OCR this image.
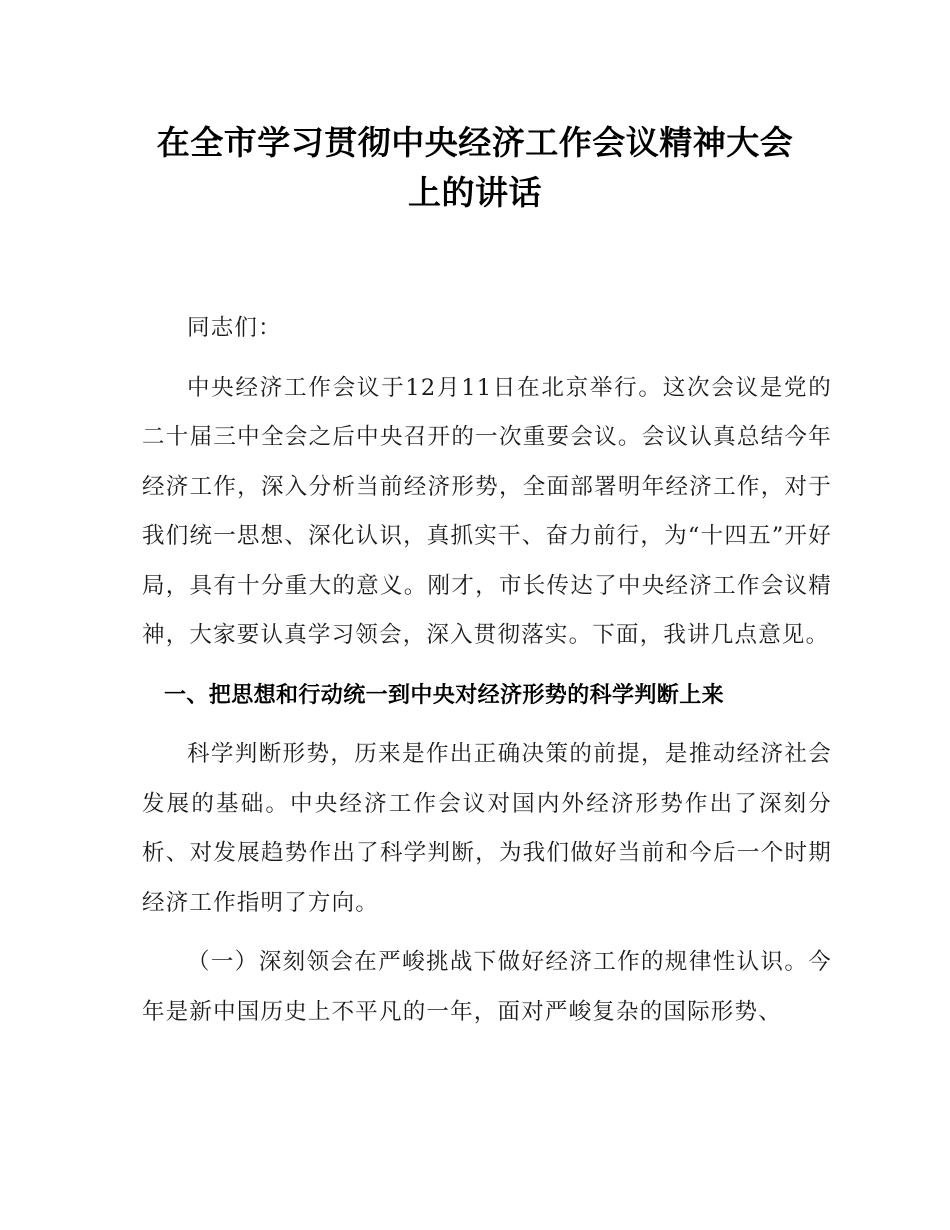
在全市学习贯彻中央经济工作会议精神大会
上的讲话

同志们：

中央经济工作会议于12月11日在北京举行。这次会议是党的二十届三中全会之后中央召开的一次重要会议。会议认真总结今年经济工作，深入分析当前经济形势，全面部署明年经济工作，对于我们统一思想、深化认识，真抓实干、奋力前行，为“十四五”开好局，具有十分重大的意义。刚才，市长传达了中央经济工作会议精神，大家要认真学习领会，深入贯彻落实。下面，我讲几点意见。

一、把思想和行动统一到中央对经济形势的科学判断上来

科学判断形势，历来是作出正确决策的前提，是推动经济社会发展的基础。中央经济工作会议对国内外经济形势作出了深刻分析、对发展趋势作出了科学判断，为我们做好当前和今后一个时期经济工作指明了方向。

（一）深刻领会在严峻挑战下做好经济工作的规律性认识。今年是新中国历史上不平凡的一年，面对严峻复杂的国际形势、
